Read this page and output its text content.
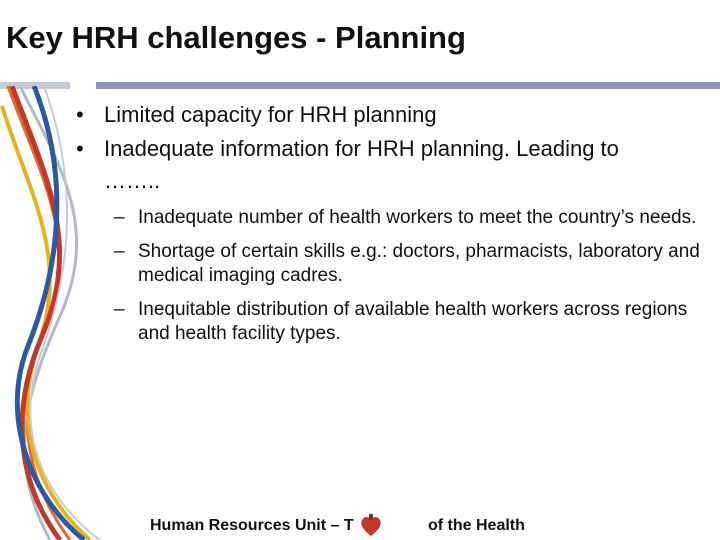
Key HRH challenges - Planning
• Limited capacity for HRH planning
• Inadequate information for HRH planning. Leading to
……..
– Inadequate number of health workers to meet the country’s needs.
– Shortage of certain skills e.g.: doctors, pharmacists, laboratory and medical imaging cadres.
– Inequitable distribution of available health workers across regions and health facility types.
Human Resources Unit – T	of the Health
